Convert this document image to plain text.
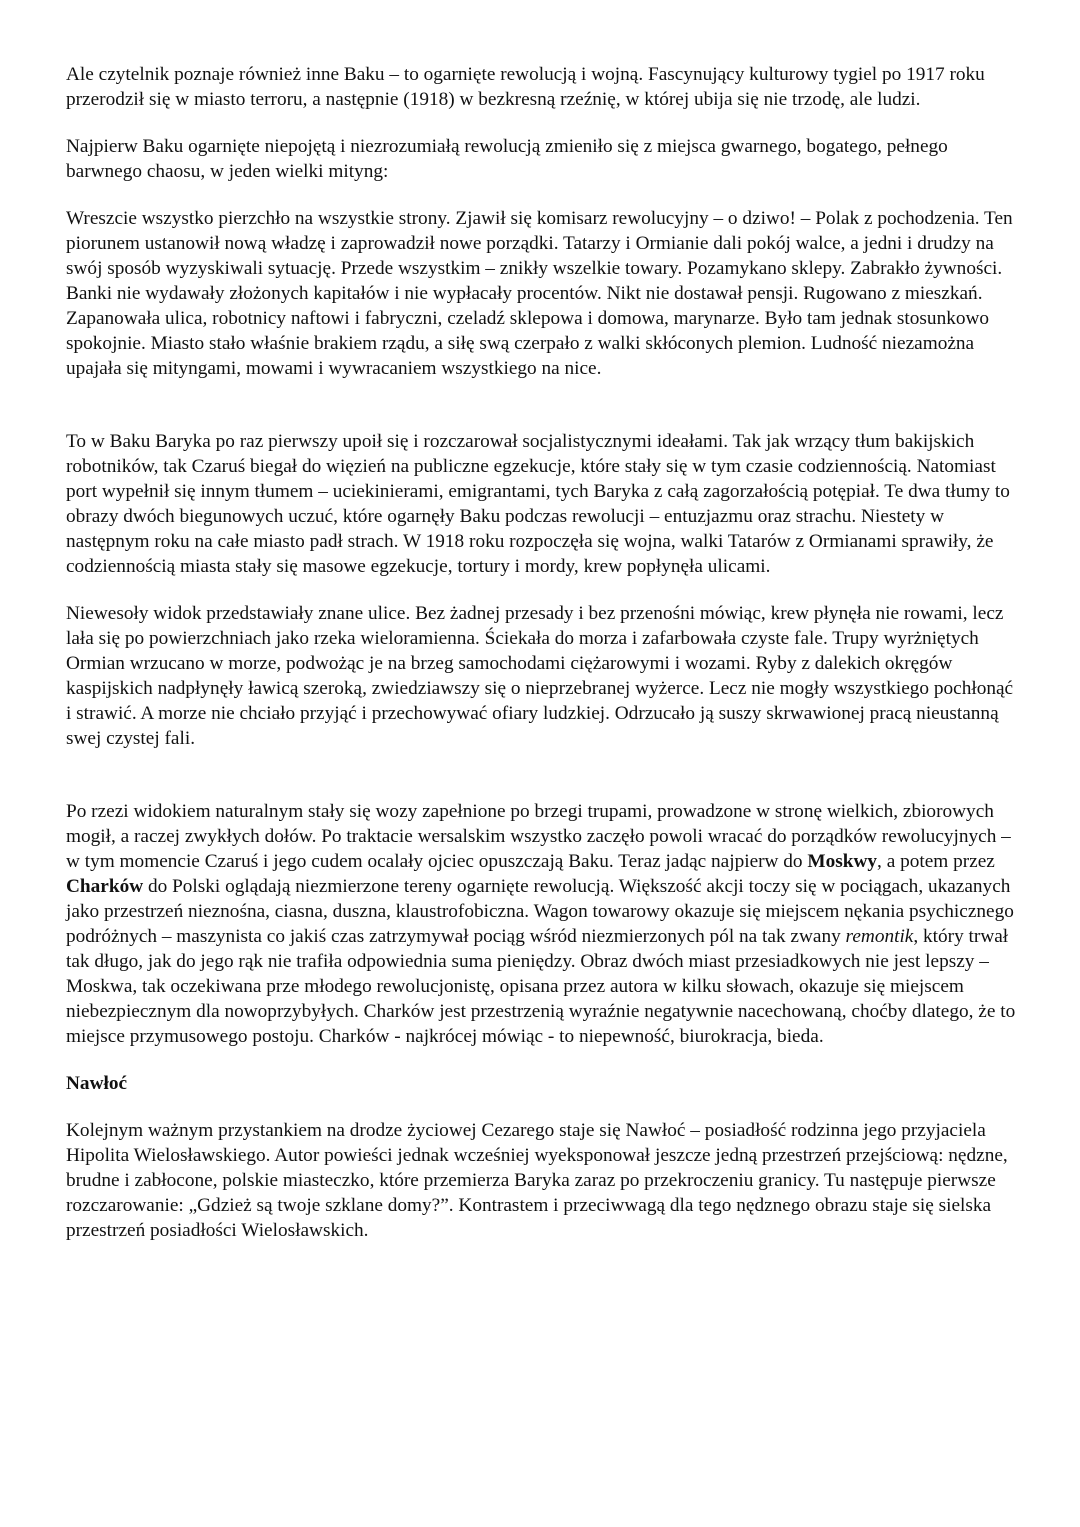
Ale czytelnik poznaje również inne Baku – to ogarnięte rewolucją i wojną. Fascynujący kulturowy tygiel po 1917 roku przerodził się w miasto terroru, a następnie (1918) w bezkresną rzeźnię, w której ubija się nie trzodę, ale ludzi.

Najpierw Baku ogarnięte niepojętą i niezrozumiałą rewolucją zmieniło się z miejsca gwarnego, bogatego, pełnego barwnego chaosu, w jeden wielki mityng:

Wreszcie wszystko pierzchło na wszystkie strony. Zjawił się komisarz rewolucyjny – o dziwo! – Polak z pochodzenia. Ten piorunem ustanowił nową władzę i zaprowadził nowe porządki. Tatarzy i Ormianie dali pokój walce, a jedni i drudzy na swój sposób wyzyskiwali sytuację. Przede wszystkim – znikły wszelkie towary. Pozamykano sklepy. Zabrakło żywności. Banki nie wydawały złożonych kapitałów i nie wypłacały procentów. Nikt nie dostawał pensji. Rugowano z mieszkań. Zapanowała ulica, robotnicy naftowi i fabryczni, czeladź sklepowa i domowa, marynarze. Było tam jednak stosunkowo spokojnie. Miasto stało właśnie brakiem rządu, a siłę swą czerpało z walki skłóconych plemion. Ludność niezamożna upajała się mityngami, mowami i wywracaniem wszystkiego na nice.

To w Baku Baryka po raz pierwszy upoił się i rozczarował socjalistycznymi ideałami. Tak jak wrzący tłum bakijskich robotników, tak Czaruś biegał do więzień na publiczne egzekucje, które stały się w tym czasie codziennością. Natomiast port wypełnił się innym tłumem – uciekinierami, emigrantami, tych Baryka z całą zagorzałością potępiał. Te dwa tłumy to obrazy dwóch biegunowych uczuć, które ogarnęły Baku podczas rewolucji – entuzjazmu oraz strachu. Niestety w następnym roku na całe miasto padł strach. W 1918 roku rozpoczęła się wojna, walki Tatarów z Ormianami sprawiły, że codziennością miasta stały się masowe egzekucje, tortury i mordy, krew popłynęła ulicami.

Niewesoły widok przedstawiały znane ulice. Bez żadnej przesady i bez przenośni mówiąc, krew płynęła nie rowami, lecz lała się po powierzchniach jako rzeka wieloramienna. Ściekała do morza i zafarbowała czyste fale. Trupy wyrżniętych Ormian wrzucano w morze, podwożąc je na brzeg samochodami ciężarowymi i wozami. Ryby z dalekich okręgów kaspijskich nadpłynęły ławicą szeroką, zwiedziawszy się o nieprzebranej wyżerce. Lecz nie mogły wszystkiego pochłonąć i strawić. A morze nie chciało przyjąć i przechowywać ofiary ludzkiej. Odrzucało ją suszy skrwawionej pracą nieustanną swej czystej fali.

Po rzezi widokiem naturalnym stały się wozy zapełnione po brzegi trupami, prowadzone w stronę wielkich, zbiorowych mogił, a raczej zwykłych dołów. Po traktacie wersalskim wszystko zaczęło powoli wracać do porządków rewolucyjnych – w tym momencie Czaruś i jego cudem ocalały ojciec opuszczają Baku. Teraz jadąc najpierw do Moskwy, a potem przez Charków do Polski oglądają niezmierzone tereny ogarnięte rewolucją. Większość akcji toczy się w pociągach, ukazanych jako przestrzeń nieznośna, ciasna, duszna, klaustrofobiczna. Wagon towarowy okazuje się miejscem nękania psychicznego podróżnych – maszynista co jakiś czas zatrzymywał pociąg wśród niezmierzonych pól na tak zwany remontik, który trwał tak długo, jak do jego rąk nie trafiła odpowiednia suma pieniędzy. Obraz dwóch miast przesiadkowych nie jest lepszy – Moskwa, tak oczekiwana prze młodego rewolucjonistę, opisana przez autora w kilku słowach, okazuje się miejscem niebezpiecznym dla nowoprzybyłych. Charków jest przestrzenią wyraźnie negatywnie nacechowaną, choćby dlatego, że to miejsce przymusowego postoju. Charków - najkrócej mówiąc - to niepewność, biurokracja, bieda.

Nawłoć

Kolejnym ważnym przystankiem na drodze życiowej Cezarego staje się Nawłoć – posiadłość rodzinna jego przyjaciela Hipolita Wielosławskiego. Autor powieści jednak wcześniej wyeksponował jeszcze jedną przestrzeń przejściową: nędzne, brudne i zabłocone, polskie miasteczko, które przemierza Baryka zaraz po przekroczeniu granicy. Tu następuje pierwsze rozczarowanie: „Gdzież są twoje szklane domy?”. Kontrastem i przeciwwagą dla tego nędznego obrazu staje się sielska przestrzeń posiadłości Wielosławskich.
